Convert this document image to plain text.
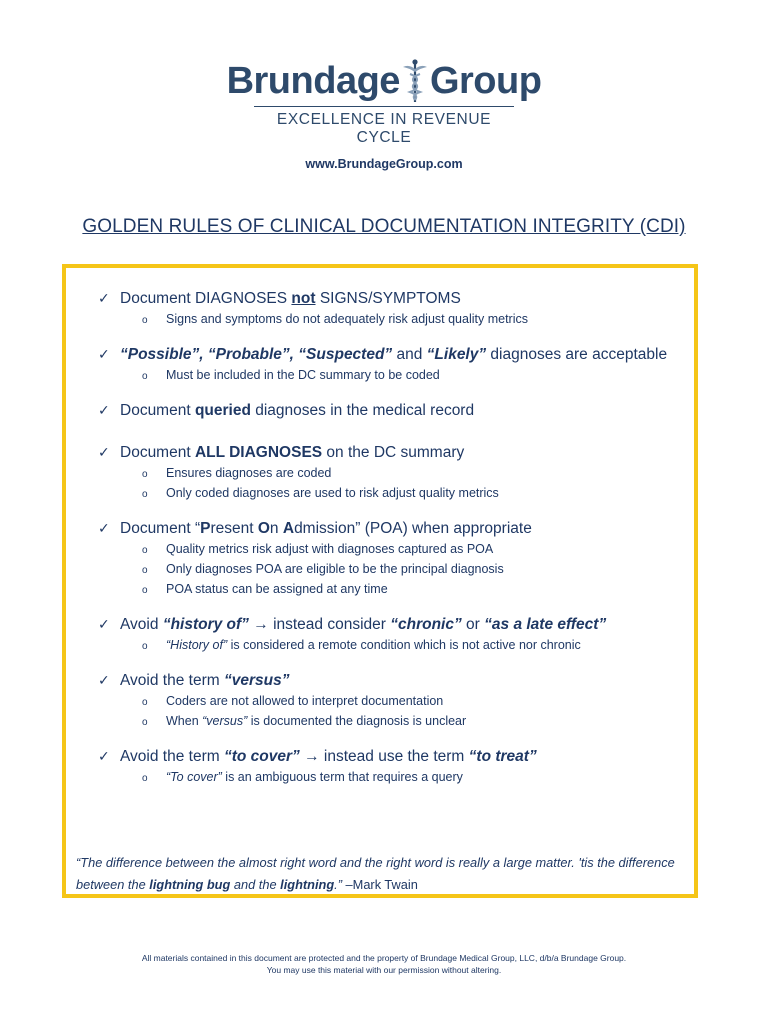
Brundage Group
EXCELLENCE IN REVENUE CYCLE
www.BrundageGroup.com
GOLDEN RULES OF CLINICAL DOCUMENTATION INTEGRITY (CDI)
✓ Document DIAGNOSES not SIGNS/SYMPTOMS
o Signs and symptoms do not adequately risk adjust quality metrics
✓ “Possible”, “Probable”, “Suspected” and “Likely” diagnoses are acceptable
o Must be included in the DC summary to be coded
✓ Document queried diagnoses in the medical record
✓ Document ALL DIAGNOSES on the DC summary
o Ensures diagnoses are coded
o Only coded diagnoses are used to risk adjust quality metrics
✓ Document “Present On Admission” (POA) when appropriate
o Quality metrics risk adjust with diagnoses captured as POA
o Only diagnoses POA are eligible to be the principal diagnosis
o POA status can be assigned at any time
✓ Avoid “history of” → instead consider “chronic” or “as a late effect”
o “History of” is considered a remote condition which is not active nor chronic
✓ Avoid the term “versus”
o Coders are not allowed to interpret documentation
o When “versus” is documented the diagnosis is unclear
✓ Avoid the term “to cover” → instead use the term “to treat”
o “To cover” is an ambiguous term that requires a query
“The difference between the almost right word and the right word is really a large matter. 'tis the difference between the lightning bug and the lightning.” –Mark Twain
All materials contained in this document are protected and the property of Brundage Medical Group, LLC, d/b/a Brundage Group.
You may use this material with our permission without altering.
